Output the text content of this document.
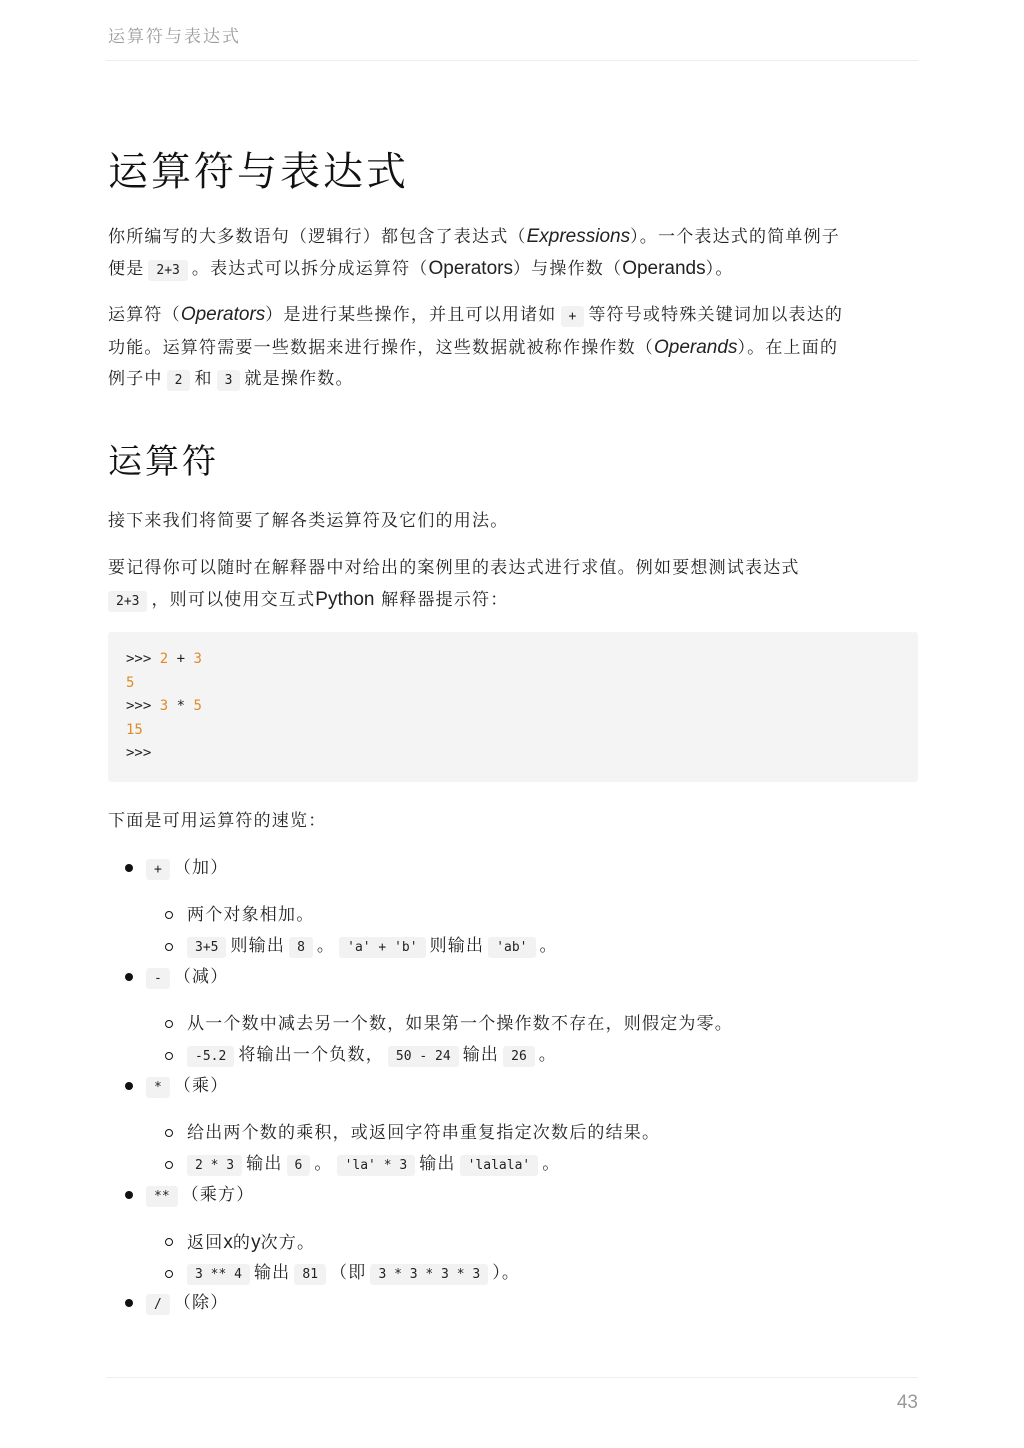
运算符与表达式
运算符与表达式

你所编写的大多数语句（逻辑行）都包含了表达式（Expressions）。一个表达式的简单例子
便是 2+3 。表达式可以拆分成运算符（Operators）与操作数（Operands）。

运算符（Operators）是进行某些操作，并且可以用诸如 + 等符号或特殊关键词加以表达的
功能。运算符需要一些数据来进行操作，这些数据就被称作操作数（Operands）。在上面的
例子中 2 和 3 就是操作数。

运算符

接下来我们将简要了解各类运算符及它们的用法。

要记得你可以随时在解释器中对给出的案例里的表达式进行求值。例如要想测试表达式
2+3 ，则可以使用交互式Python 解释器提示符：

>>> 2 + 3
5
>>> 3 * 5
15
>>>

下面是可用运算符的速览：

+ （加）
两个对象相加。
3+5 则输出 8 。 'a' + 'b' 则输出 'ab' 。
- （减）
从一个数中减去另一个数，如果第一个操作数不存在，则假定为零。
-5.2 将输出一个负数， 50 - 24 输出 26 。
* （乘）
给出两个数的乘积，或返回字符串重复指定次数后的结果。
2 * 3 输出 6 。 'la' * 3 输出 'lalala' 。
** （乘方）
返回x的y次方。
3 ** 4 输出 81 （即 3 * 3 * 3 * 3 ）。
/ （除）
43
